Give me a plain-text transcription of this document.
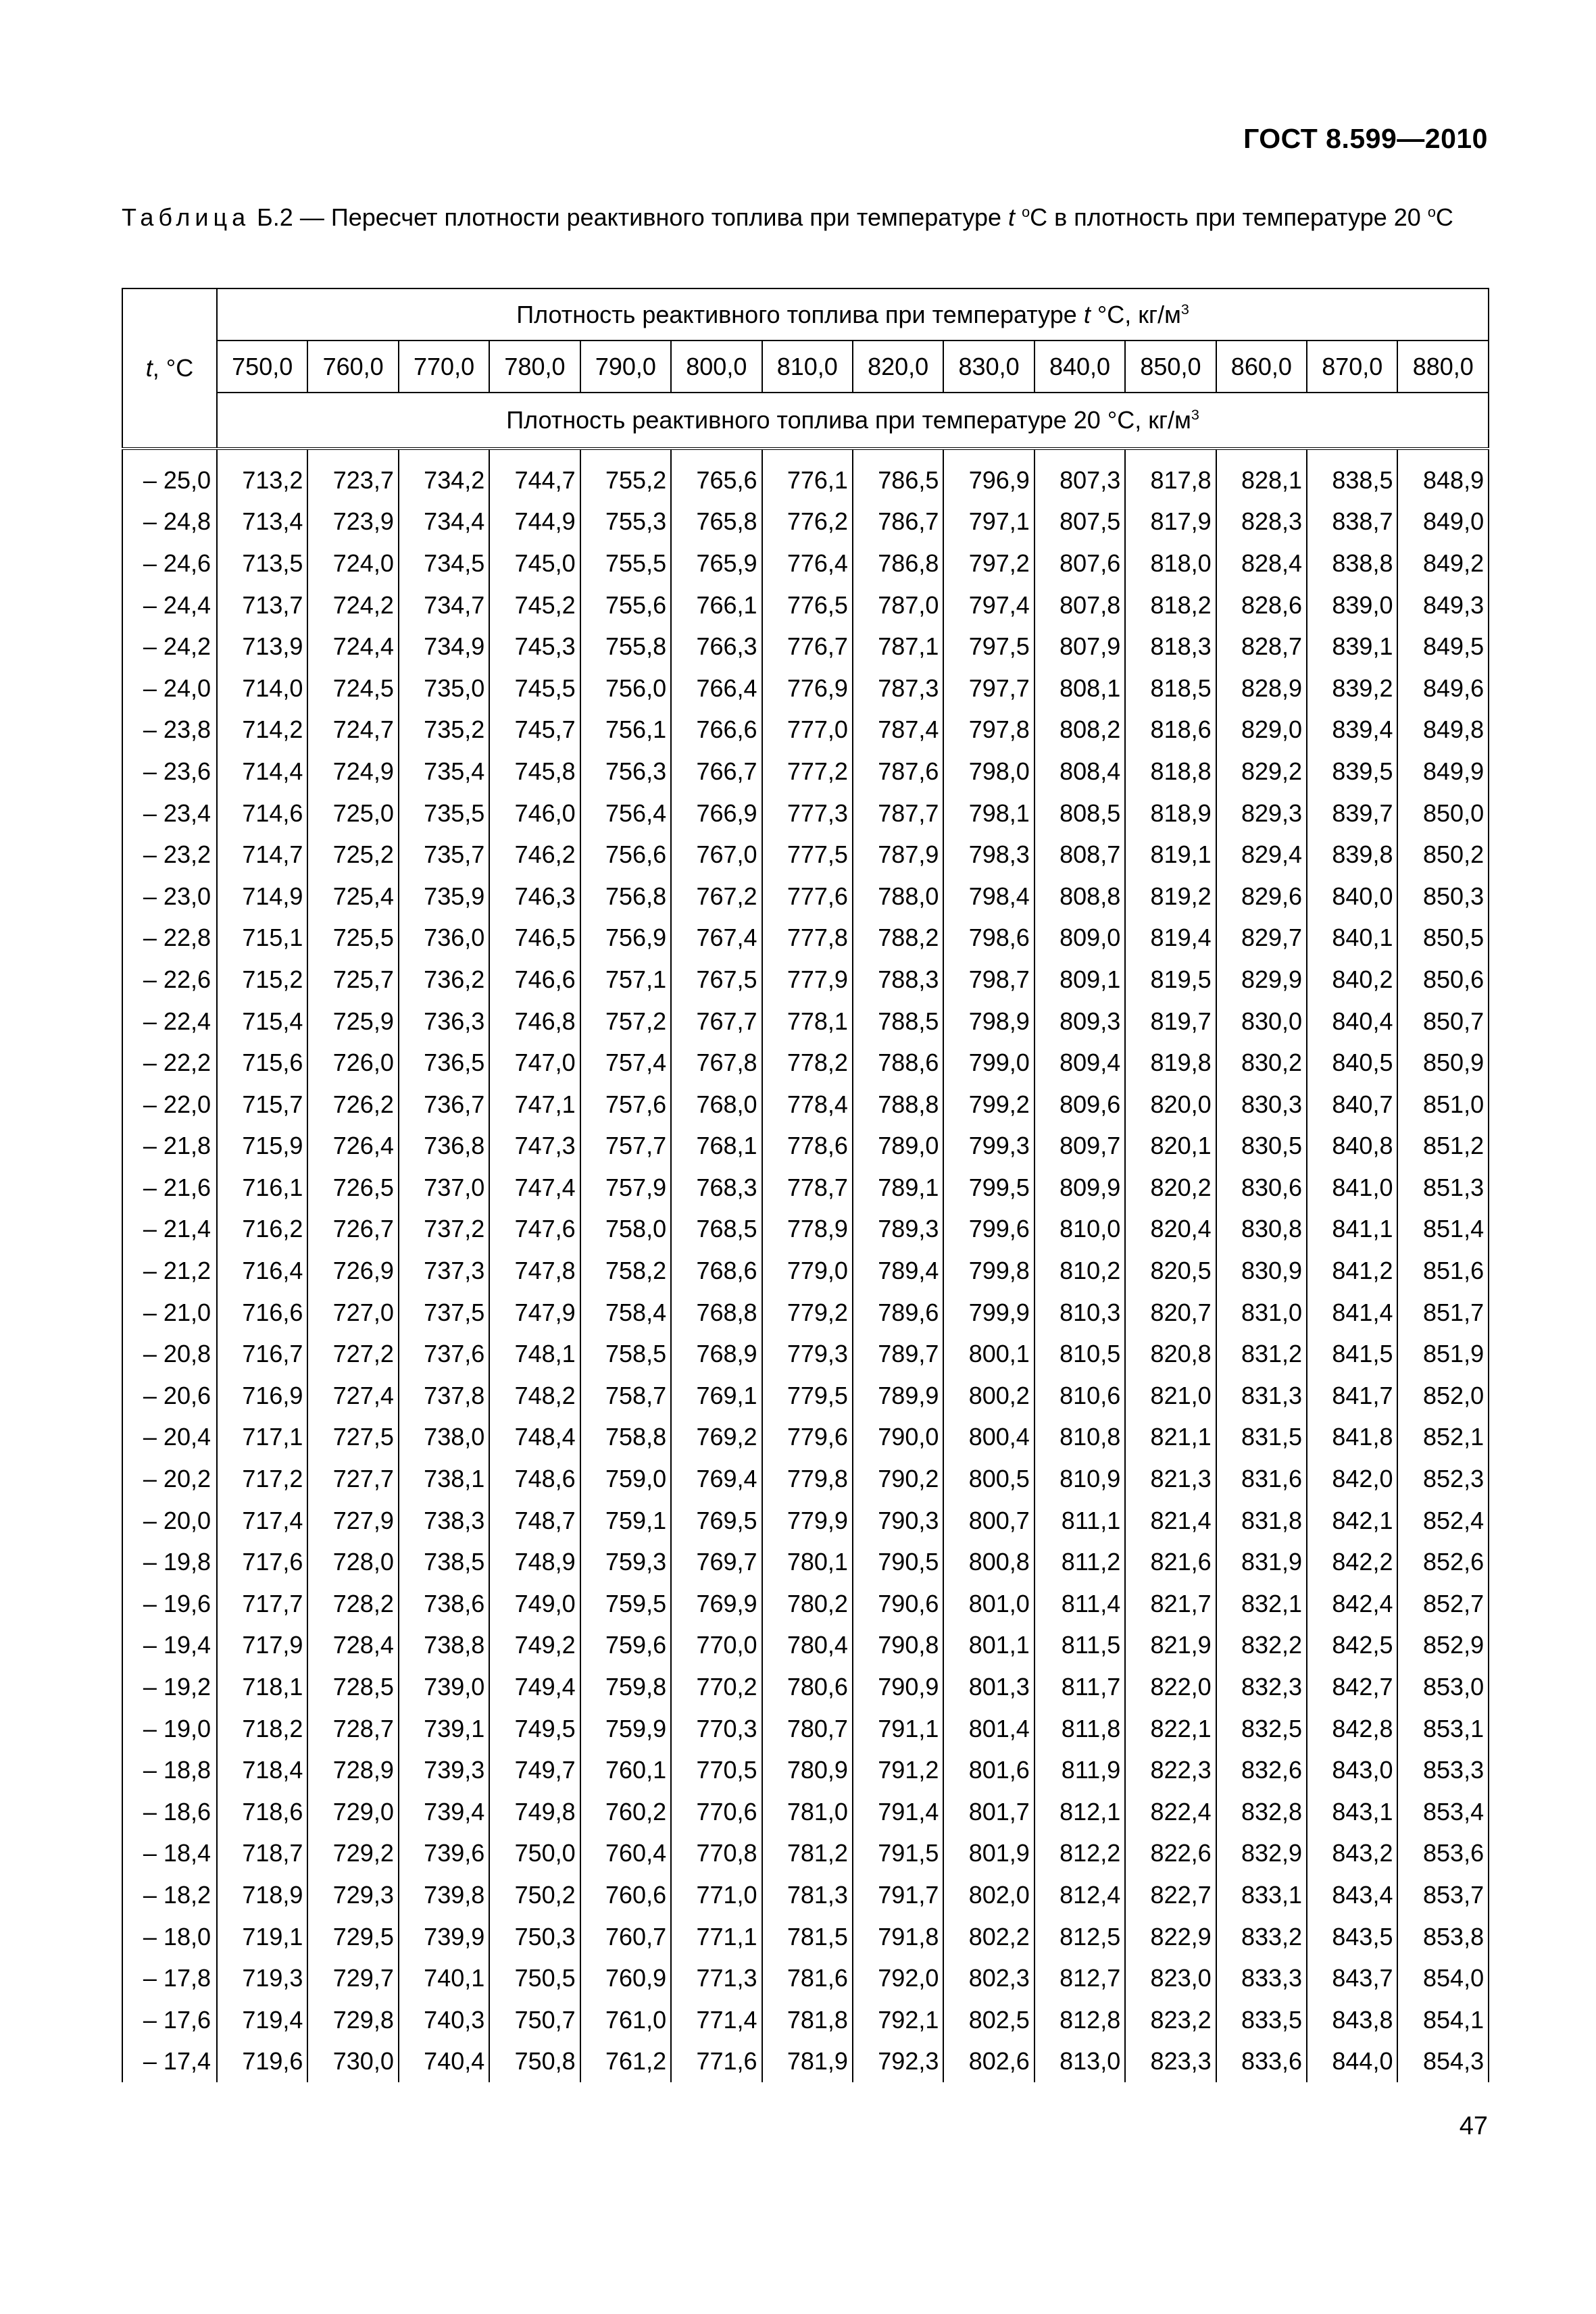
ГОСТ 8.599—2010
Таблица Б.2 — Пересчет плотности реактивного топлива при температуре t $^o$С в плотность при температуре 20 $^o$С
t, °C	Плотность реактивного топлива при температуре t °С, $кг/м^3$
	750,0	760,0	770,0	780,0	790,0	800,0	810,0	820,0	830,0	840,0	850,0	860,0	870,0	880,0
	Плотность реактивного топлива при температуре 20 °С, $кг/м^3$
– 25,0	713,2	723,7	734,2	744,7	755,2	765,6	776,1	786,5	796,9	807,3	817,8	828,1	838,5	848,9
– 24,8	713,4	723,9	734,4	744,9	755,3	765,8	776,2	786,7	797,1	807,5	817,9	828,3	838,7	849,0
– 24,6	713,5	724,0	734,5	745,0	755,5	765,9	776,4	786,8	797,2	807,6	818,0	828,4	838,8	849,2
– 24,4	713,7	724,2	734,7	745,2	755,6	766,1	776,5	787,0	797,4	807,8	818,2	828,6	839,0	849,3
– 24,2	713,9	724,4	734,9	745,3	755,8	766,3	776,7	787,1	797,5	807,9	818,3	828,7	839,1	849,5
– 24,0	714,0	724,5	735,0	745,5	756,0	766,4	776,9	787,3	797,7	808,1	818,5	828,9	839,2	849,6
– 23,8	714,2	724,7	735,2	745,7	756,1	766,6	777,0	787,4	797,8	808,2	818,6	829,0	839,4	849,8
– 23,6	714,4	724,9	735,4	745,8	756,3	766,7	777,2	787,6	798,0	808,4	818,8	829,2	839,5	849,9
– 23,4	714,6	725,0	735,5	746,0	756,4	766,9	777,3	787,7	798,1	808,5	818,9	829,3	839,7	850,0
– 23,2	714,7	725,2	735,7	746,2	756,6	767,0	777,5	787,9	798,3	808,7	819,1	829,4	839,8	850,2
– 23,0	714,9	725,4	735,9	746,3	756,8	767,2	777,6	788,0	798,4	808,8	819,2	829,6	840,0	850,3
– 22,8	715,1	725,5	736,0	746,5	756,9	767,4	777,8	788,2	798,6	809,0	819,4	829,7	840,1	850,5
– 22,6	715,2	725,7	736,2	746,6	757,1	767,5	777,9	788,3	798,7	809,1	819,5	829,9	840,2	850,6
– 22,4	715,4	725,9	736,3	746,8	757,2	767,7	778,1	788,5	798,9	809,3	819,7	830,0	840,4	850,7
– 22,2	715,6	726,0	736,5	747,0	757,4	767,8	778,2	788,6	799,0	809,4	819,8	830,2	840,5	850,9
– 22,0	715,7	726,2	736,7	747,1	757,6	768,0	778,4	788,8	799,2	809,6	820,0	830,3	840,7	851,0
– 21,8	715,9	726,4	736,8	747,3	757,7	768,1	778,6	789,0	799,3	809,7	820,1	830,5	840,8	851,2
– 21,6	716,1	726,5	737,0	747,4	757,9	768,3	778,7	789,1	799,5	809,9	820,2	830,6	841,0	851,3
– 21,4	716,2	726,7	737,2	747,6	758,0	768,5	778,9	789,3	799,6	810,0	820,4	830,8	841,1	851,4
– 21,2	716,4	726,9	737,3	747,8	758,2	768,6	779,0	789,4	799,8	810,2	820,5	830,9	841,2	851,6
– 21,0	716,6	727,0	737,5	747,9	758,4	768,8	779,2	789,6	799,9	810,3	820,7	831,0	841,4	851,7
– 20,8	716,7	727,2	737,6	748,1	758,5	768,9	779,3	789,7	800,1	810,5	820,8	831,2	841,5	851,9
– 20,6	716,9	727,4	737,8	748,2	758,7	769,1	779,5	789,9	800,2	810,6	821,0	831,3	841,7	852,0
– 20,4	717,1	727,5	738,0	748,4	758,8	769,2	779,6	790,0	800,4	810,8	821,1	831,5	841,8	852,1
– 20,2	717,2	727,7	738,1	748,6	759,0	769,4	779,8	790,2	800,5	810,9	821,3	831,6	842,0	852,3
– 20,0	717,4	727,9	738,3	748,7	759,1	769,5	779,9	790,3	800,7	811,1	821,4	831,8	842,1	852,4
– 19,8	717,6	728,0	738,5	748,9	759,3	769,7	780,1	790,5	800,8	811,2	821,6	831,9	842,2	852,6
– 19,6	717,7	728,2	738,6	749,0	759,5	769,9	780,2	790,6	801,0	811,4	821,7	832,1	842,4	852,7
– 19,4	717,9	728,4	738,8	749,2	759,6	770,0	780,4	790,8	801,1	811,5	821,9	832,2	842,5	852,9
– 19,2	718,1	728,5	739,0	749,4	759,8	770,2	780,6	790,9	801,3	811,7	822,0	832,3	842,7	853,0
– 19,0	718,2	728,7	739,1	749,5	759,9	770,3	780,7	791,1	801,4	811,8	822,1	832,5	842,8	853,1
– 18,8	718,4	728,9	739,3	749,7	760,1	770,5	780,9	791,2	801,6	811,9	822,3	832,6	843,0	853,3
– 18,6	718,6	729,0	739,4	749,8	760,2	770,6	781,0	791,4	801,7	812,1	822,4	832,8	843,1	853,4
– 18,4	718,7	729,2	739,6	750,0	760,4	770,8	781,2	791,5	801,9	812,2	822,6	832,9	843,2	853,6
– 18,2	718,9	729,3	739,8	750,2	760,6	771,0	781,3	791,7	802,0	812,4	822,7	833,1	843,4	853,7
– 18,0	719,1	729,5	739,9	750,3	760,7	771,1	781,5	791,8	802,2	812,5	822,9	833,2	843,5	853,8
– 17,8	719,3	729,7	740,1	750,5	760,9	771,3	781,6	792,0	802,3	812,7	823,0	833,3	843,7	854,0
– 17,6	719,4	729,8	740,3	750,7	761,0	771,4	781,8	792,1	802,5	812,8	823,2	833,5	843,8	854,1
– 17,4	719,6	730,0	740,4	750,8	761,2	771,6	781,9	792,3	802,6	813,0	823,3	833,6	844,0	854,3
47
